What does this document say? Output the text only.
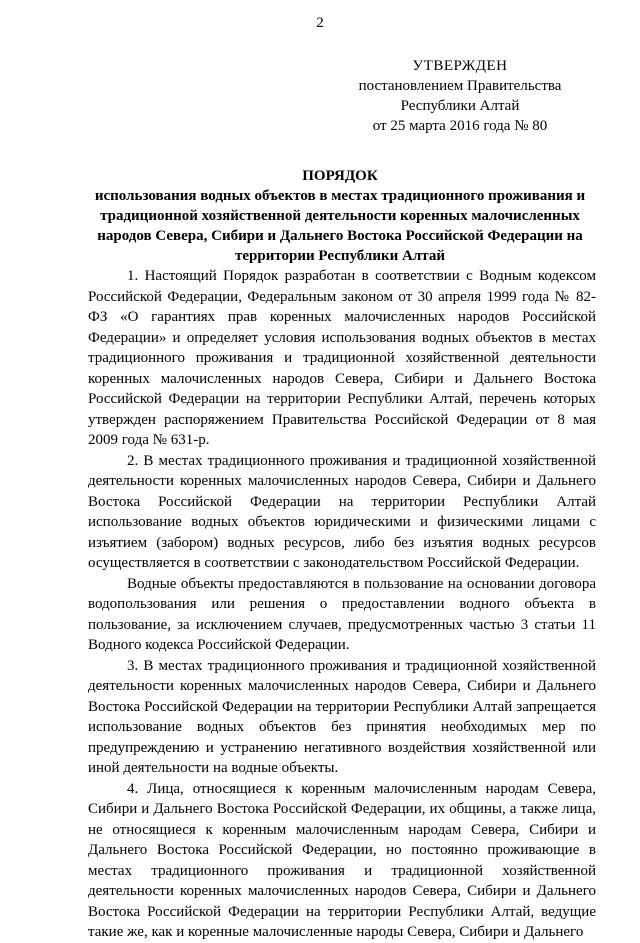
2
УТВЕРЖДЕН
постановлением Правительства
Республики Алтай
от 25 марта 2016 года № 80
ПОРЯДОК
использования водных объектов в местах традиционного проживания и традиционной хозяйственной деятельности коренных малочисленных народов Севера, Сибири и Дальнего Востока Российской Федерации на территории Республики Алтай

1. Настоящий Порядок разработан в соответствии с Водным кодексом Российской Федерации, Федеральным законом от 30 апреля 1999 года № 82-ФЗ «О гарантиях прав коренных малочисленных народов Российской Федерации» и определяет условия использования водных объектов в местах традиционного проживания и традиционной хозяйственной деятельности коренных малочисленных народов Севера, Сибири и Дальнего Востока Российской Федерации на территории Республики Алтай, перечень которых утвержден распоряжением Правительства Российской Федерации от 8 мая 2009 года № 631-р.

2. В местах традиционного проживания и традиционной хозяйственной деятельности коренных малочисленных народов Севера, Сибири и Дальнего Востока Российской Федерации на территории Республики Алтай использование водных объектов юридическими и физическими лицами с изъятием (забором) водных ресурсов, либо без изъятия водных ресурсов осуществляется в соответствии с законодательством Российской Федерации.

Водные объекты предоставляются в пользование на основании договора водопользования или решения о предоставлении водного объекта в пользование, за исключением случаев, предусмотренных частью 3 статьи 11 Водного кодекса Российской Федерации.

3. В местах традиционного проживания и традиционной хозяйственной деятельности коренных малочисленных народов Севера, Сибири и Дальнего Востока Российской Федерации на территории Республики Алтай запрещается использование водных объектов без принятия необходимых мер по предупреждению и устранению негативного воздействия хозяйственной или иной деятельности на водные объекты.

4. Лица, относящиеся к коренным малочисленным народам Севера, Сибири и Дальнего Востока Российской Федерации, их общины, а также лица, не относящиеся к коренным малочисленным народам Севера, Сибири и Дальнего Востока Российской Федерации, но постоянно проживающие в местах традиционного проживания и традиционной хозяйственной деятельности коренных малочисленных народов Севера, Сибири и Дальнего Востока Российской Федерации на территории Республики Алтай, ведущие такие же, как и коренные малочисленные народы Севера, Сибири и Дальнего
